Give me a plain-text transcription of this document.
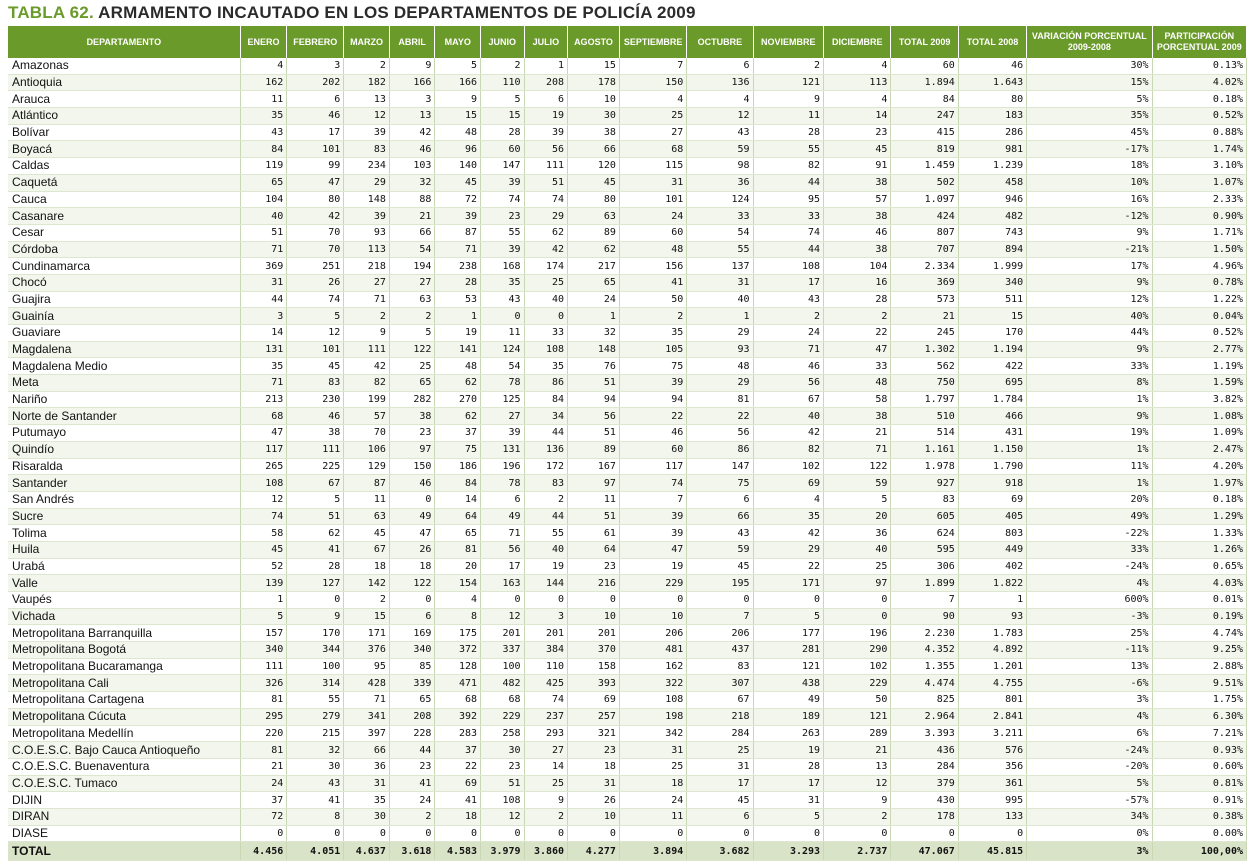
TABLA 62. ARMAMENTO INCAUTADO EN LOS DEPARTAMENTOS DE POLICÍA 2009
DEPARTAMENTO	ENERO	FEBRERO	MARZO	ABRIL	MAYO	JUNIO	JULIO	AGOSTO	SEPTIEMBRE	OCTUBRE	NOVIEMBRE	DICIEMBRE	TOTAL 2009	TOTAL 2008	VARIACIÓN PORCENTUAL 2009-2008	PARTICIPACIÓN PORCENTUAL 2009
Amazonas	4	3	2	9	5	2	1	15	7	6	2	4	60	46	30%	0.13%
Antioquia	162	202	182	166	166	110	208	178	150	136	121	113	1.894	1.643	15%	4.02%
Arauca	11	6	13	3	9	5	6	10	4	4	9	4	84	80	5%	0.18%
Atlántico	35	46	12	13	15	15	19	30	25	12	11	14	247	183	35%	0.52%
Bolívar	43	17	39	42	48	28	39	38	27	43	28	23	415	286	45%	0.88%
Boyacá	84	101	83	46	96	60	56	66	68	59	55	45	819	981	-17%	1.74%
Caldas	119	99	234	103	140	147	111	120	115	98	82	91	1.459	1.239	18%	3.10%
Caquetá	65	47	29	32	45	39	51	45	31	36	44	38	502	458	10%	1.07%
Cauca	104	80	148	88	72	74	74	80	101	124	95	57	1.097	946	16%	2.33%
Casanare	40	42	39	21	39	23	29	63	24	33	33	38	424	482	-12%	0.90%
Cesar	51	70	93	66	87	55	62	89	60	54	74	46	807	743	9%	1.71%
Córdoba	71	70	113	54	71	39	42	62	48	55	44	38	707	894	-21%	1.50%
Cundinamarca	369	251	218	194	238	168	174	217	156	137	108	104	2.334	1.999	17%	4.96%
Chocó	31	26	27	27	28	35	25	65	41	31	17	16	369	340	9%	0.78%
Guajira	44	74	71	63	53	43	40	24	50	40	43	28	573	511	12%	1.22%
Guainía	3	5	2	2	1	0	0	1	2	1	2	2	21	15	40%	0.04%
Guaviare	14	12	9	5	19	11	33	32	35	29	24	22	245	170	44%	0.52%
Magdalena	131	101	111	122	141	124	108	148	105	93	71	47	1.302	1.194	9%	2.77%
Magdalena Medio	35	45	42	25	48	54	35	76	75	48	46	33	562	422	33%	1.19%
Meta	71	83	82	65	62	78	86	51	39	29	56	48	750	695	8%	1.59%
Nariño	213	230	199	282	270	125	84	94	94	81	67	58	1.797	1.784	1%	3.82%
Norte de Santander	68	46	57	38	62	27	34	56	22	22	40	38	510	466	9%	1.08%
Putumayo	47	38	70	23	37	39	44	51	46	56	42	21	514	431	19%	1.09%
Quindío	117	111	106	97	75	131	136	89	60	86	82	71	1.161	1.150	1%	2.47%
Risaralda	265	225	129	150	186	196	172	167	117	147	102	122	1.978	1.790	11%	4.20%
Santander	108	67	87	46	84	78	83	97	74	75	69	59	927	918	1%	1.97%
San Andrés	12	5	11	0	14	6	2	11	7	6	4	5	83	69	20%	0.18%
Sucre	74	51	63	49	64	49	44	51	39	66	35	20	605	405	49%	1.29%
Tolima	58	62	45	47	65	71	55	61	39	43	42	36	624	803	-22%	1.33%
Huila	45	41	67	26	81	56	40	64	47	59	29	40	595	449	33%	1.26%
Urabá	52	28	18	18	20	17	19	23	19	45	22	25	306	402	-24%	0.65%
Valle	139	127	142	122	154	163	144	216	229	195	171	97	1.899	1.822	4%	4.03%
Vaupés	1	0	2	0	4	0	0	0	0	0	0	0	7	1	600%	0.01%
Vichada	5	9	15	6	8	12	3	10	10	7	5	0	90	93	-3%	0.19%
Metropolitana Barranquilla	157	170	171	169	175	201	201	201	206	206	177	196	2.230	1.783	25%	4.74%
Metropolitana Bogotá	340	344	376	340	372	337	384	370	481	437	281	290	4.352	4.892	-11%	9.25%
Metropolitana Bucaramanga	111	100	95	85	128	100	110	158	162	83	121	102	1.355	1.201	13%	2.88%
Metropolitana Cali	326	314	428	339	471	482	425	393	322	307	438	229	4.474	4.755	-6%	9.51%
Metropolitana Cartagena	81	55	71	65	68	68	74	69	108	67	49	50	825	801	3%	1.75%
Metropolitana Cúcuta	295	279	341	208	392	229	237	257	198	218	189	121	2.964	2.841	4%	6.30%
Metropolitana Medellín	220	215	397	228	283	258	293	321	342	284	263	289	3.393	3.211	6%	7.21%
C.O.E.S.C. Bajo Cauca Antioqueño	81	32	66	44	37	30	27	23	31	25	19	21	436	576	-24%	0.93%
C.O.E.S.C. Buenaventura	21	30	36	23	22	23	14	18	25	31	28	13	284	356	-20%	0.60%
C.O.E.S.C. Tumaco	24	43	31	41	69	51	25	31	18	17	17	12	379	361	5%	0.81%
DIJIN	37	41	35	24	41	108	9	26	24	45	31	9	430	995	-57%	0.91%
DIRAN	72	8	30	2	18	12	2	10	11	6	5	2	178	133	34%	0.38%
DIASE	0	0	0	0	0	0	0	0	0	0	0	0	0	0	0%	0.00%
TOTAL	4.456	4.051	4.637	3.618	4.583	3.979	3.860	4.277	3.894	3.682	3.293	2.737	47.067	45.815	3%	100,00%
